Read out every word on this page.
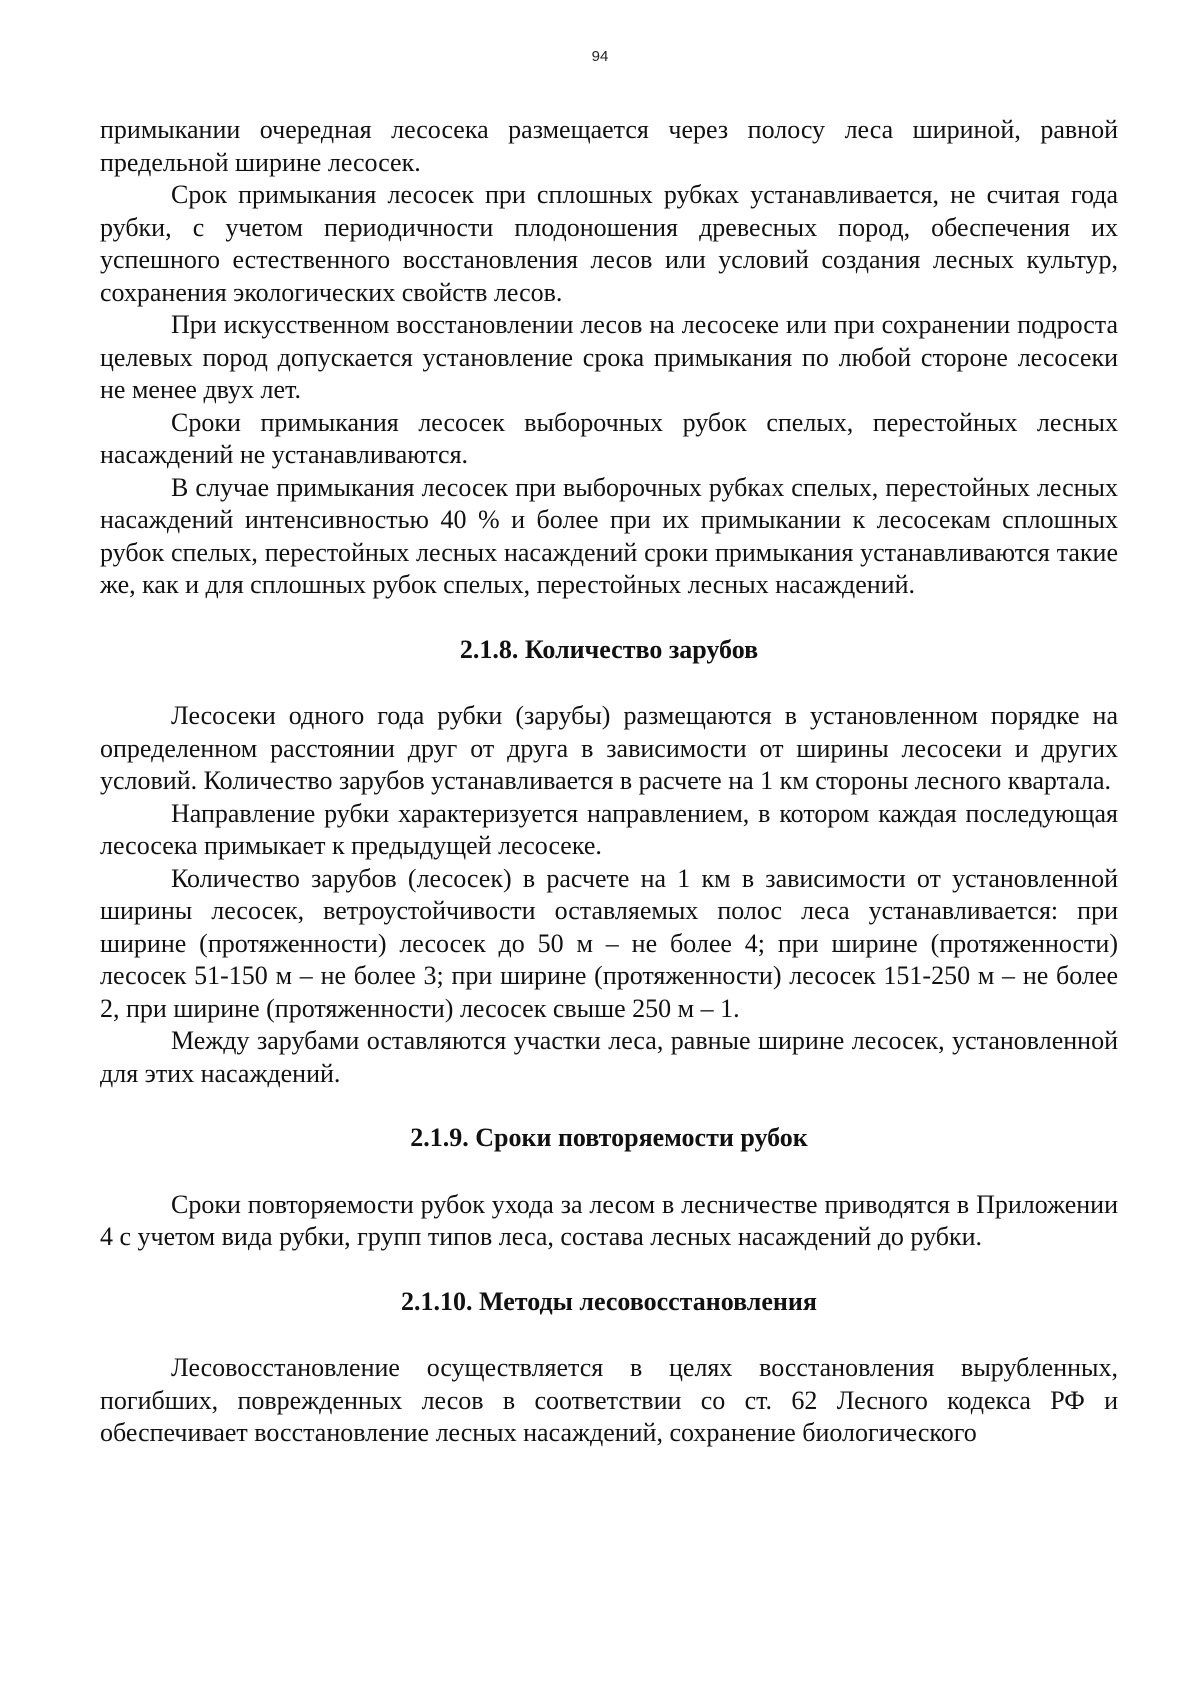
94

примыкании очередная лесосека размещается через полосу леса шириной, равной предельной ширине лесосек.

Срок примыкания лесосек при сплошных рубках устанавливается, не считая года рубки, с учетом периодичности плодоношения древесных пород, обеспечения их успешного естественного восстановления лесов или условий создания лесных культур, сохранения экологических свойств лесов.

При искусственном восстановлении лесов на лесосеке или при сохранении подроста целевых пород допускается установление срока примыкания по любой стороне лесосеки не менее двух лет.

Сроки примыкания лесосек выборочных рубок спелых, перестойных лесных насаждений не устанавливаются.

В случае примыкания лесосек при выборочных рубках спелых, перестойных лесных насаждений интенсивностью 40 % и более при их примыкании к лесосекам сплошных рубок спелых, перестойных лесных насаждений сроки примыкания устанавливаются такие же, как и для сплошных рубок спелых, перестойных лесных насаждений.

2.1.8. Количество зарубов

Лесосеки одного года рубки (зарубы) размещаются в установленном порядке на определенном расстоянии друг от друга в зависимости от ширины лесосеки и других условий. Количество зарубов устанавливается в расчете на 1 км стороны лесного квартала.

Направление рубки характеризуется направлением, в котором каждая последующая лесосека примыкает к предыдущей лесосеке.

Количество зарубов (лесосек) в расчете на 1 км в зависимости от установленной ширины лесосек, ветроустойчивости оставляемых полос леса устанавливается: при ширине (протяженности) лесосек до 50 м – не более 4; при ширине (протяженности) лесосек 51-150 м – не более 3; при ширине (протяженности) лесосек 151-250 м – не более 2, при ширине (протяженности) лесосек свыше 250 м – 1.

Между зарубами оставляются участки леса, равные ширине лесосек, установленной для этих насаждений.

2.1.9. Сроки повторяемости рубок

Сроки повторяемости рубок ухода за лесом в лесничестве приводятся в Приложении 4 с учетом вида рубки, групп типов леса, состава лесных насаждений до рубки.

2.1.10. Методы лесовосстановления

Лесовосстановление осуществляется в целях восстановления вырубленных, погибших, поврежденных лесов в соответствии со ст. 62 Лесного кодекса РФ и обеспечивает восстановление лесных насаждений, сохранение биологического
